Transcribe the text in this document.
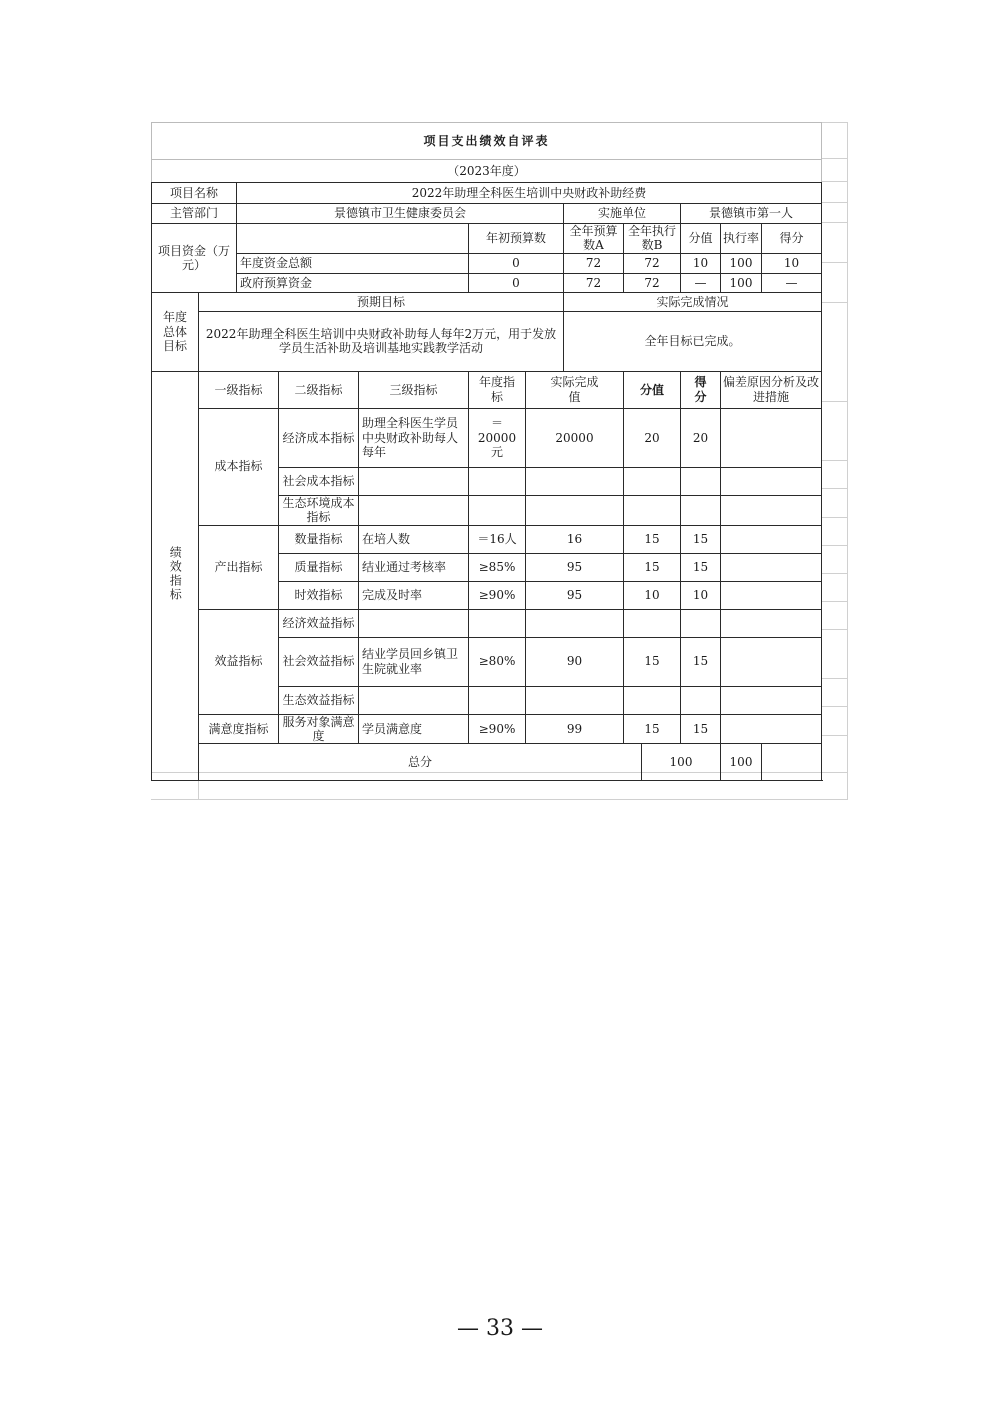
项目支出绩效自评表												
（2023年度）												
项目名称		2022年助理全科医生培训中央财政补助经费										
主管部门		景德镇市卫生健康委员会					实施单位			景德镇市第一人		
项目资金（万元）					年初预算数		全年预算数A	全年执行数B		分值	执行率	得分
		年度资金总额			0		72	72		10	100	10
		政府预算资金			0		72	72		—	100	—
年度总体目标	预期目标						实际完成情况					
	2022年助理全科医生培训中央财政补助每人每年2万元，用于发放学员生活补助及培训基地实践教学活动						全年目标已完成。					
绩效指标	一级指标		二级指标	三级指标	年度指标	实际完成值		分值		得分	偏差原因分析及改进措施	
	成本指标		经济成本指标	助理全科医生学员中央财政补助每人每年	＝20000元	20000		20		20		
			社会成本指标									
			生态环境成本指标									
	产出指标		数量指标	在培人数	＝16人	16		15		15		
			质量指标	结业通过考核率	≥85%	95		15		15		
			时效指标	完成及时率	≥90%	95		10		10		
	效益指标		经济效益指标									
			社会效益指标	结业学员回乡镇卫生院就业率	≥80%	90		15		15		
			生态效益指标									
	满意度指标		服务对象满意度	学员满意度	≥90%	99		15		15		
	总分								100		100	
— 33 —
